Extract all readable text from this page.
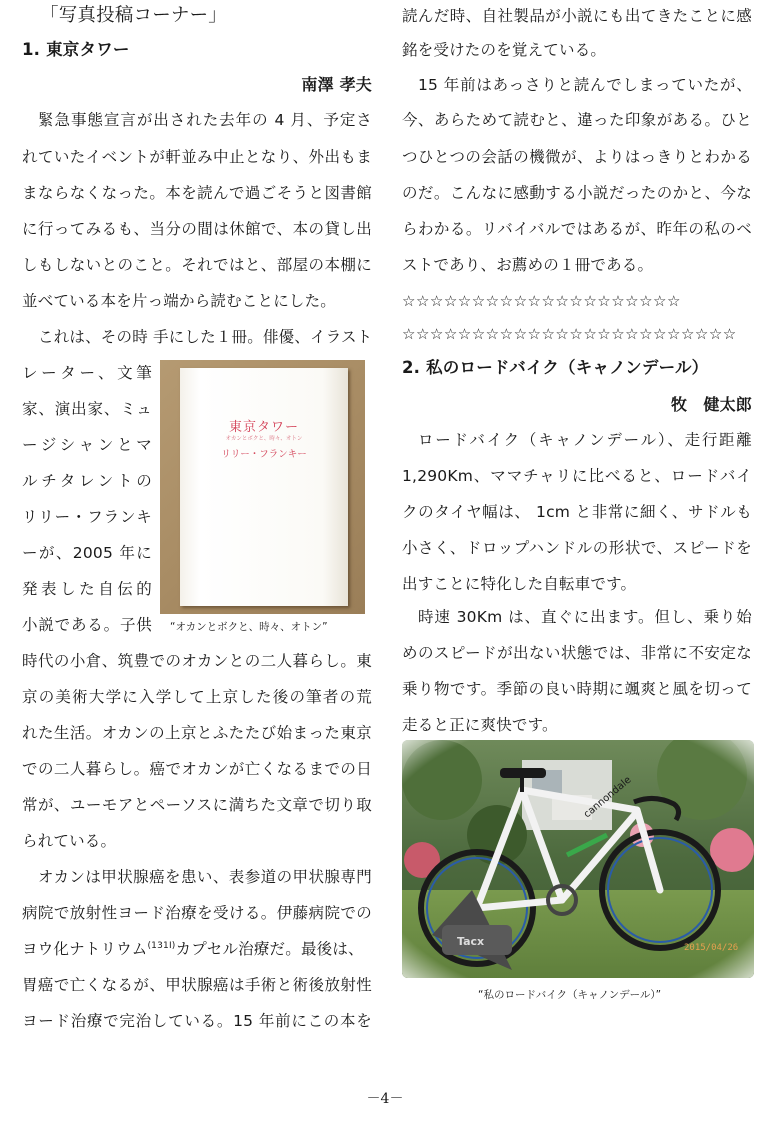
「写真投稿コーナー」
1. 東京タワー
南澤 孝夫
緊急事態宣言が出された去年の 4 月、予定さ
れていたイベントが軒並み中止となり、外出もま
まならなくなった。本を読んで過ごそうと図書館
に行ってみるも、当分の間は休館で、本の貸し出
しもしないとのこと。それではと、部屋の本棚に
並べている本を片っ端から読むことにした。
これは、その時 手にした１冊。俳優、イラスト
レーター、文筆
家、演出家、ミュ
ージシャンとマ
ルチタレントの
リリー・フランキ
ーが、2005 年に
発表した自伝的
小説である。子供
時代の小倉、筑豊でのオカンとの二人暮らし。東
京の美術大学に入学して上京した後の筆者の荒
れた生活。オカンの上京とふたたび始まった東京
での二人暮らし。癌でオカンが亡くなるまでの日
常が、ユーモアとペーソスに満ちた文章で切り取
られている。
オカンは甲状腺癌を患い、表参道の甲状腺専門
病院で放射性ヨード治療を受ける。伊藤病院での
ヨウ化ナトリウム$^{(131I)}$カプセル治療だ。最後は、
胃癌で亡くなるが、甲状腺癌は手術と術後放射性
ヨード治療で完治している。15 年前にこの本を
東京タワー
オカンとボクと、時々、オトン
リリー・フランキー
“オカンとボクと、時々、オトン”
読んだ時、自社製品が小説にも出てきたことに感
銘を受けたのを覚えている。
15 年前はあっさりと読んでしまっていたが、
今、あらためて読むと、違った印象がある。ひと
つひとつの会話の機微が、よりはっきりとわかる
のだ。こんなに感動する小説だったのかと、今な
らわかる。リバイバルではあるが、昨年の私のベ
ストであり、お薦めの１冊である。
☆☆☆☆☆☆☆☆☆☆☆☆☆☆☆☆☆☆☆☆
☆☆☆☆☆☆☆☆☆☆☆☆☆☆☆☆☆☆☆☆☆☆☆☆
2. 私のロードバイク（キャノンデール）
牧　健太郎
ロードバイク（キャノンデール）、走行距離
1,290Km、ママチャリに比べると、ロードバイ
クのタイヤ幅は、 1cm と非常に細く、サドルも
小さく、ドロップハンドルの形状で、スピードを
出すことに特化した自転車です。
時速 30Km は、直ぐに出ます。但し、乗り始
めのスピードが出ない状態では、非常に不安定な
乗り物です。季節の良い時期に颯爽と風を切って
走ると正に爽快です。
“私のロードバイク（キャノンデール）”
－4－
